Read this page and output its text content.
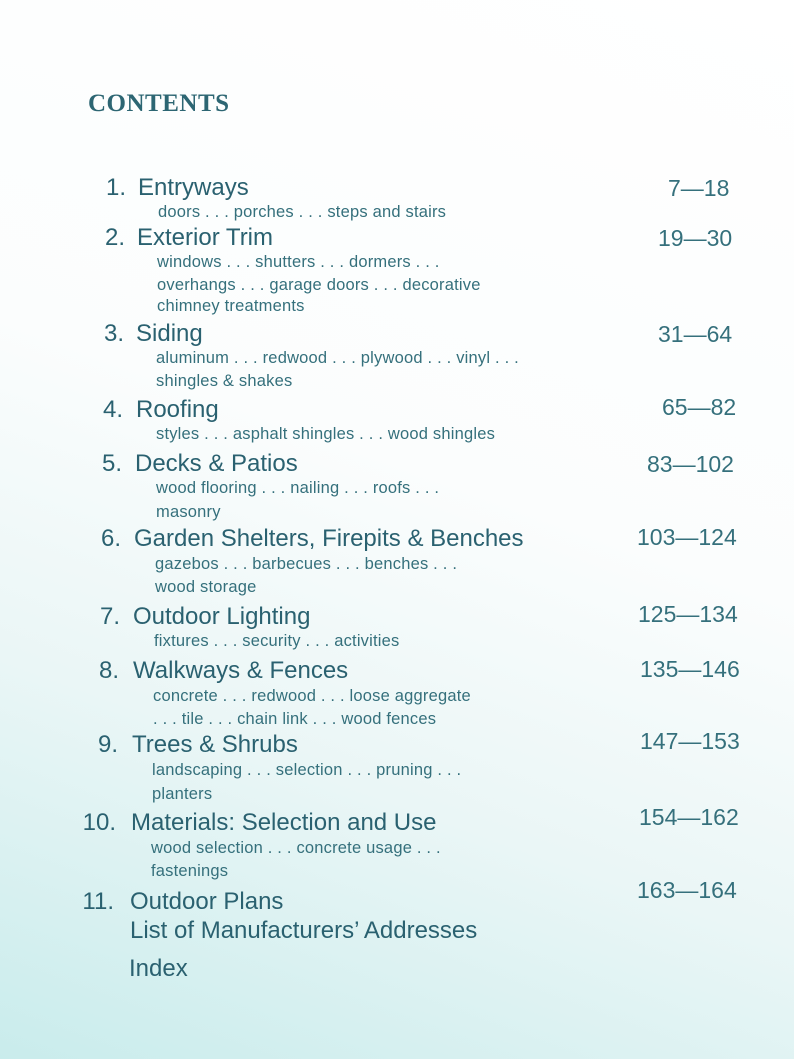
CONTENTS
1. Entryways	7—18
doors . . . porches . . . steps and stairs
2. Exterior Trim	19—30
windows . . . shutters . . . dormers . . .
overhangs . . . garage doors . . . decorative
chimney treatments
3. Siding	31—64
aluminum . . . redwood . . . plywood . . . vinyl . . .
shingles & shakes
4. Roofing	65—82
styles . . . asphalt shingles . . . wood shingles
5. Decks & Patios	83—102
wood flooring . . . nailing . . . roofs . . .
masonry
6. Garden Shelters, Firepits & Benches	103—124
gazebos . . . barbecues . . . benches . . .
wood storage
7. Outdoor Lighting	125—134
fixtures . . . security . . . activities
8. Walkways & Fences	135—146
concrete . . . redwood . . . loose aggregate
. . . tile . . . chain link . . . wood fences
9. Trees & Shrubs	147—153
landscaping . . . selection . . . pruning . . .
planters
10. Materials: Selection and Use	154—162
wood selection . . . concrete usage . . .
fastenings
11. Outdoor Plans	163—164
List of Manufacturers’ Addresses
Index
